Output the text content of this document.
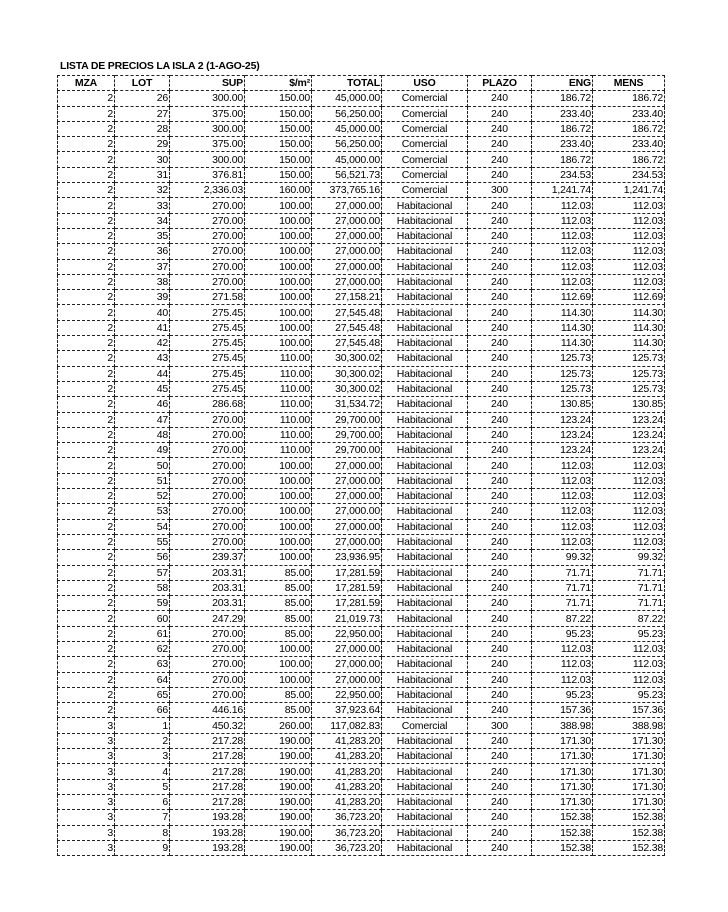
LISTA DE PRECIOS LA ISLA 2 (1-AGO-25)
MZA	LOT	SUP	$/m²	TOTAL	USO	PLAZO	ENG	MENS
2	26	300.00	150.00	45,000.00	Comercial	240	186.72	186.72
2	27	375.00	150.00	56,250.00	Comercial	240	233.40	233.40
2	28	300.00	150.00	45,000.00	Comercial	240	186.72	186.72
2	29	375.00	150.00	56,250.00	Comercial	240	233.40	233.40
2	30	300.00	150.00	45,000.00	Comercial	240	186.72	186.72
2	31	376.81	150.00	56,521.73	Comercial	240	234.53	234.53
2	32	2,336.03	160.00	373,765.16	Comercial	300	1,241.74	1,241.74
2	33	270.00	100.00	27,000.00	Habitacional	240	112.03	112.03
2	34	270.00	100.00	27,000.00	Habitacional	240	112.03	112.03
2	35	270.00	100.00	27,000.00	Habitacional	240	112.03	112.03
2	36	270.00	100.00	27,000.00	Habitacional	240	112.03	112.03
2	37	270.00	100.00	27,000.00	Habitacional	240	112.03	112.03
2	38	270.00	100.00	27,000.00	Habitacional	240	112.03	112.03
2	39	271.58	100.00	27,158.21	Habitacional	240	112.69	112.69
2	40	275.45	100.00	27,545.48	Habitacional	240	114.30	114.30
2	41	275.45	100.00	27,545.48	Habitacional	240	114.30	114.30
2	42	275.45	100.00	27,545.48	Habitacional	240	114.30	114.30
2	43	275.45	110.00	30,300.02	Habitacional	240	125.73	125.73
2	44	275.45	110.00	30,300.02	Habitacional	240	125.73	125.73
2	45	275.45	110.00	30,300.02	Habitacional	240	125.73	125.73
2	46	286.68	110.00	31,534.72	Habitacional	240	130.85	130.85
2	47	270.00	110.00	29,700.00	Habitacional	240	123.24	123.24
2	48	270.00	110.00	29,700.00	Habitacional	240	123.24	123.24
2	49	270.00	110.00	29,700.00	Habitacional	240	123.24	123.24
2	50	270.00	100.00	27,000.00	Habitacional	240	112.03	112.03
2	51	270.00	100.00	27,000.00	Habitacional	240	112.03	112.03
2	52	270.00	100.00	27,000.00	Habitacional	240	112.03	112.03
2	53	270.00	100.00	27,000.00	Habitacional	240	112.03	112.03
2	54	270.00	100.00	27,000.00	Habitacional	240	112.03	112.03
2	55	270.00	100.00	27,000.00	Habitacional	240	112.03	112.03
2	56	239.37	100.00	23,936.95	Habitacional	240	99.32	99.32
2	57	203.31	85.00	17,281.59	Habitacional	240	71.71	71.71
2	58	203.31	85.00	17,281.59	Habitacional	240	71.71	71.71
2	59	203.31	85.00	17,281.59	Habitacional	240	71.71	71.71
2	60	247.29	85.00	21,019.73	Habitacional	240	87.22	87.22
2	61	270.00	85.00	22,950.00	Habitacional	240	95.23	95.23
2	62	270.00	100.00	27,000.00	Habitacional	240	112.03	112.03
2	63	270.00	100.00	27,000.00	Habitacional	240	112.03	112.03
2	64	270.00	100.00	27,000.00	Habitacional	240	112.03	112.03
2	65	270.00	85.00	22,950.00	Habitacional	240	95.23	95.23
2	66	446.16	85.00	37,923.64	Habitacional	240	157.36	157.36
3	1	450.32	260.00	117,082.83	Comercial	300	388.98	388.98
3	2	217.28	190.00	41,283.20	Habitacional	240	171.30	171.30
3	3	217.28	190.00	41,283.20	Habitacional	240	171.30	171.30
3	4	217.28	190.00	41,283.20	Habitacional	240	171.30	171.30
3	5	217.28	190.00	41,283.20	Habitacional	240	171.30	171.30
3	6	217.28	190.00	41,283.20	Habitacional	240	171.30	171.30
3	7	193.28	190.00	36,723.20	Habitacional	240	152.38	152.38
3	8	193.28	190.00	36,723.20	Habitacional	240	152.38	152.38
3	9	193.28	190.00	36,723.20	Habitacional	240	152.38	152.38
